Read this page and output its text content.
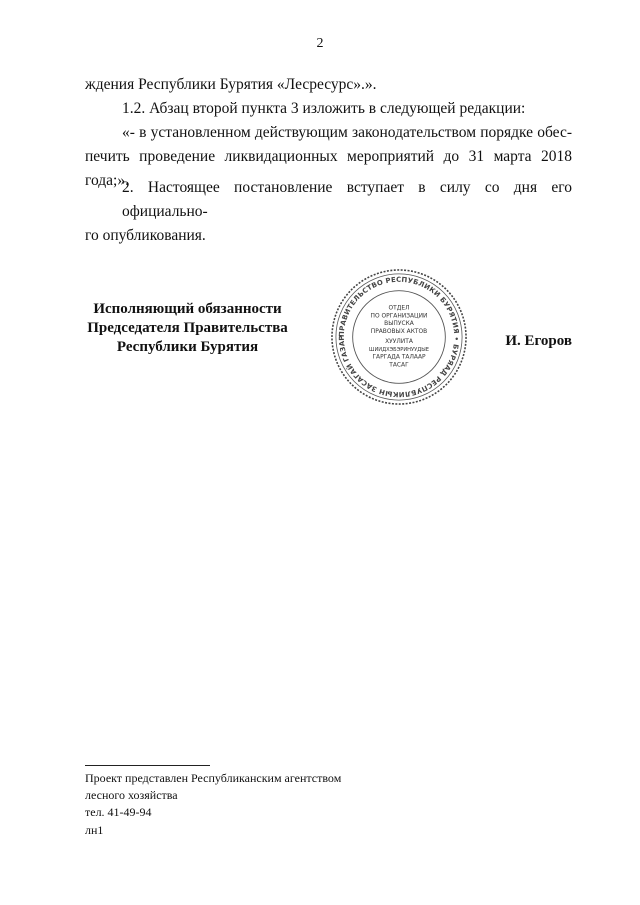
2
ждения Республики Бурятия «Лесресурс».».
1.2. Абзац второй пункта 3 изложить в следующей редакции:
«- в установленном действующим законодательством порядке обес-
печить проведение ликвидационных мероприятий до 31 марта 2018 года;».
2. Настоящее постановление вступает в силу со дня его официально-
го опубликования.
Исполняющий обязанности
Председателя Правительства
Республики Бурятия
ПРАВИТЕЛЬСТВО РЕСПУБЛИКИ БУРЯТИЯ • БУРЯАД РЕСПУБЛИКЫН ЗАСАГАЙ ГАЗАР
ОТДЕЛ
ПО ОРГАНИЗАЦИИ
ВЫПУСКА
ПРАВОВЫХ АКТОВ
ХУУЛИТА
ШИИДХЭБЭРИНУУДЫЕ
ГАРГАДА ТАЛААР
ТАСАГ
И. Егоров
Проект представлен Республиканским агентством
лесного хозяйства
тел. 41-49-94
лн1
